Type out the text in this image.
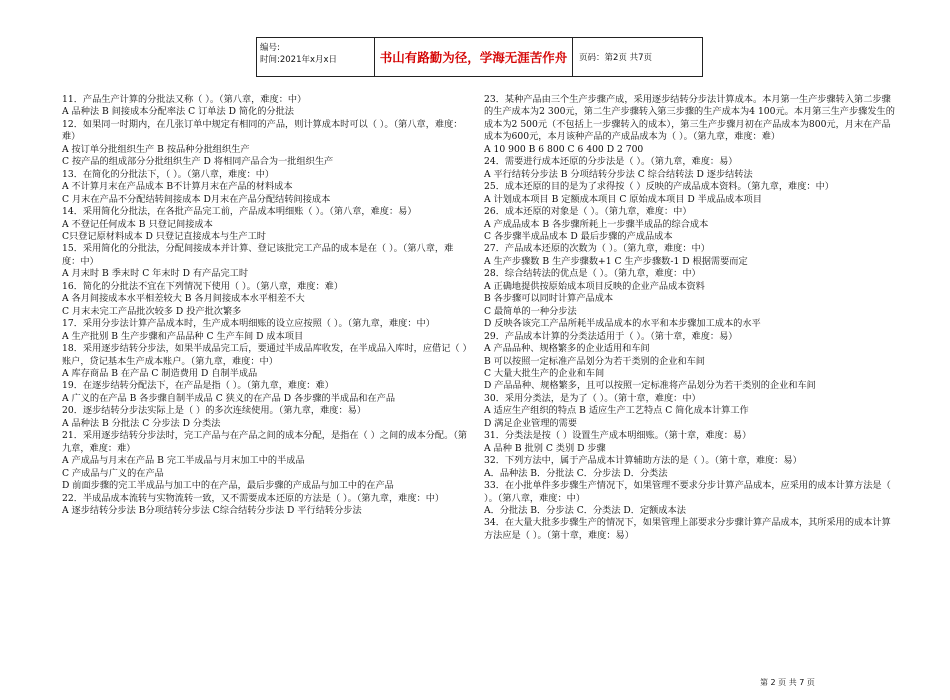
编号:
时间:2021年x月x日	书山有路勤为径，学海无涯苦作舟	页码：第2页 共7页
11．产品生产计算的分批法又称（ ）。（第八章，难度：中）
A 品种法 B 间接成本分配率法 C 订单法 D 简化的分批法
12．如果同一时期内，在几张订单中规定有相同的产品，则计算成本时可以（ ）。（第八章，难度：难）
A 按订单分批组织生产 B 按品种分批组织生产
C 按产品的组成部分分批组织生产 D 将相同产品合为一批组织生产
13．在简化的分批法下，（ ）。（第八章，难度：中）
A 不计算月末在产品成本 B不计算月末在产品的材料成本
C 月末在产品不分配结转间接成本 D月末在产品分配结转间接成本
14．采用简化分批法，在各批产品完工前，产品成本明细账（ ）。（第八章，难度：易）
A 不登记任何成本 B 只登记间接成本
C只登记原材料成本 D 只登记直接成本与生产工时
15．采用简化的分批法，分配间接成本并计算、登记该批完工产品的成本是在（ ）。（第八章，难度：中）
A 月末时 B 季末时 C 年末时 D 有产品完工时
16．简化的分批法不宜在下列情况下使用（ ）。（第八章，难度：难）
A 各月间接成本水平相差较大 B 各月间接成本水平相差不大
C 月末未完工产品批次较多 D 投产批次繁多
17．采用分步法计算产品成本时，生产成本明细账的设立应按照（ ）。（第九章，难度：中）
A 生产批别 B 生产步骤和产品品种 C 生产车间 D 成本项目
18．采用逐步结转分步法，如果半成品完工后，要通过半成品库收发，在半成品入库时，应借记（ ）账户，贷记基本生产成本账户。（第九章，难度：中）
A 库存商品 B 在产品 C 制造费用 D 自制半成品
19．在逐步结转分配法下，在产品是指（ ）。（第九章，难度：难）
A 广义的在产品 B 各步骤自制半成品 C 狭义的在产品 D 各步骤的半成品和在产品
20．逐步结转分步法实际上是（ ）的多次连续使用。（第九章，难度：易）
A 品种法 B 分批法 C 分步法 D 分类法
21．采用逐步结转分步法时，完工产品与在产品之间的成本分配，是指在（ ）之间的成本分配。（第九章，难度：难）
A 产成品与月末在产品 B 完工半成品与月末加工中的半成品
C 产成品与广义的在产品
D 前面步骤的完工半成品与加工中的在产品，最后步骤的产成品与加工中的在产品
22．半成品成本流转与实物流转一致，又不需要成本还原的方法是（ ）。（第九章，难度：中）
A 逐步结转分步法 B分项结转分步法 C综合结转分步法 D 平行结转分步法
23．某种产品由三个生产步骤产成，采用逐步结转分步法计算成本。本月第一生产步骤转入第二步骤的生产成本为2 300元，第二生产步骤转入第三步骤的生产成本为4 100元。本月第三生产步骤发生的成本为2 500元（不包括上一步骤转入的成本），第三生产步骤月初在产品成本为800元，月末在产品成本为600元，本月该种产品的产成品成本为（ ）。（第九章，难度：难）
A 10 900 B 6 800 C 6 400 D 2 700
24．需要进行成本还原的分步法是（ ）。（第九章，难度：易）
A 平行结转分步法 B 分项结转分步法 C 综合结转法 D 逐步结转法
25．成本还原的目的是为了求得按（ ）反映的产成品成本资料。（第九章，难度：中）
A 计划成本项目 B 定额成本项目 C 原始成本项目 D 半成品成本项目
26．成本还原的对象是（ ）。（第九章，难度：中）
A 产成品成本 B 各步骤所耗上一步骤半成品的综合成本
C 各步骤半成品成本 D 最后步骤的产成品成本
27．产品成本还原的次数为（ ）。（第九章，难度：中）
A 生产步骤数 B 生产步骤数+1 C 生产步骤数-1 D 根据需要而定
28．综合结转法的优点是（ ）。（第九章，难度：中）
A 正确地提供按原始成本项目反映的企业产品成本资料
B 各步骤可以同时计算产品成本
C 最简单的一种分步法
D 反映各该完工产品所耗半成品成本的水平和本步骤加工成本的水平
29．产品成本计算的分类法适用于（ ）。（第十章，难度：易）
A 产品品种、规格繁多的企业适用和车间
B 可以按照一定标准产品划分为若干类别的企业和车间
C 大量大批生产的企业和车间
D 产品品种、规格繁多，且可以按照一定标准将产品划分为若干类别的企业和车间
30．采用分类法，是为了（ ）。（第十章，难度：中）
A 适应生产组织的特点 B 适应生产工艺特点 C 简化成本计算工作
D 满足企业管理的需要
31．分类法是按（ ）设置生产成本明细账。（第十章，难度：易）
A 品种 B 批别 C 类别 D 步骤
32．下列方法中，属于产品成本计算辅助方法的是（ ）。（第十章，难度：易）
A．品种法 B．分批法 C．分步法 D．分类法
33．在小批单件多步骤生产情况下，如果管理不要求分步计算产品成本，应采用的成本计算方法是（ ）。（第八章，难度：中）
A．分批法 B．分步法 C．分类法 D．定额成本法
34．在大量大批多步骤生产的情况下，如果管理上部要求分步骤计算产品成本，其所采用的成本计算方法应是（ ）。（第十章，难度：易）
第 2 页 共 7 页
